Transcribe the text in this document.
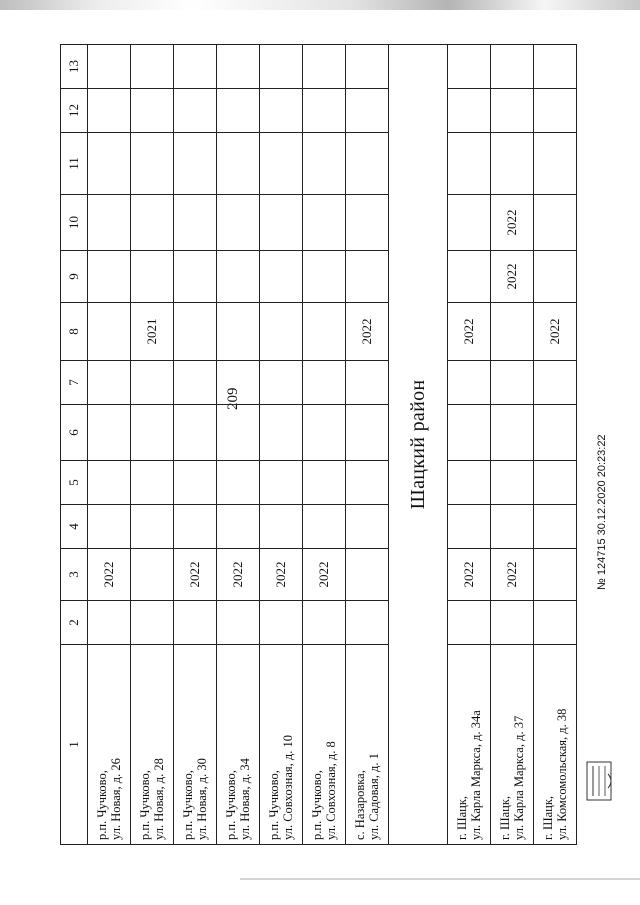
209
1	2	3	4	5	6	7	8	9	10	11	12	13

р.п. Чучково, ул. Новая, д. 26		2022										

р.п. Чучково, ул. Новая, д. 28							2021					

р.п. Чучково, ул. Новая, д. 30		2022										

р.п. Чучково, ул. Новая, д. 34		2022										

р.п. Чучково, ул. Совхозная, д. 10		2022										

р.п. Чучково, ул. Совхозная, д. 8		2022										

с. Назаровка, ул. Садовая, д. 1							2022					
Шацкий район												

г. Шацк, ул. Карла Маркса, д. 34а		2022					2022					

г. Шацк, ул. Карла Маркса, д. 37		2022						2022	2022			

г. Шацк, ул. Комсомольская, д. 38							2022					
№ 124715 30.12.2020 20:23:22
